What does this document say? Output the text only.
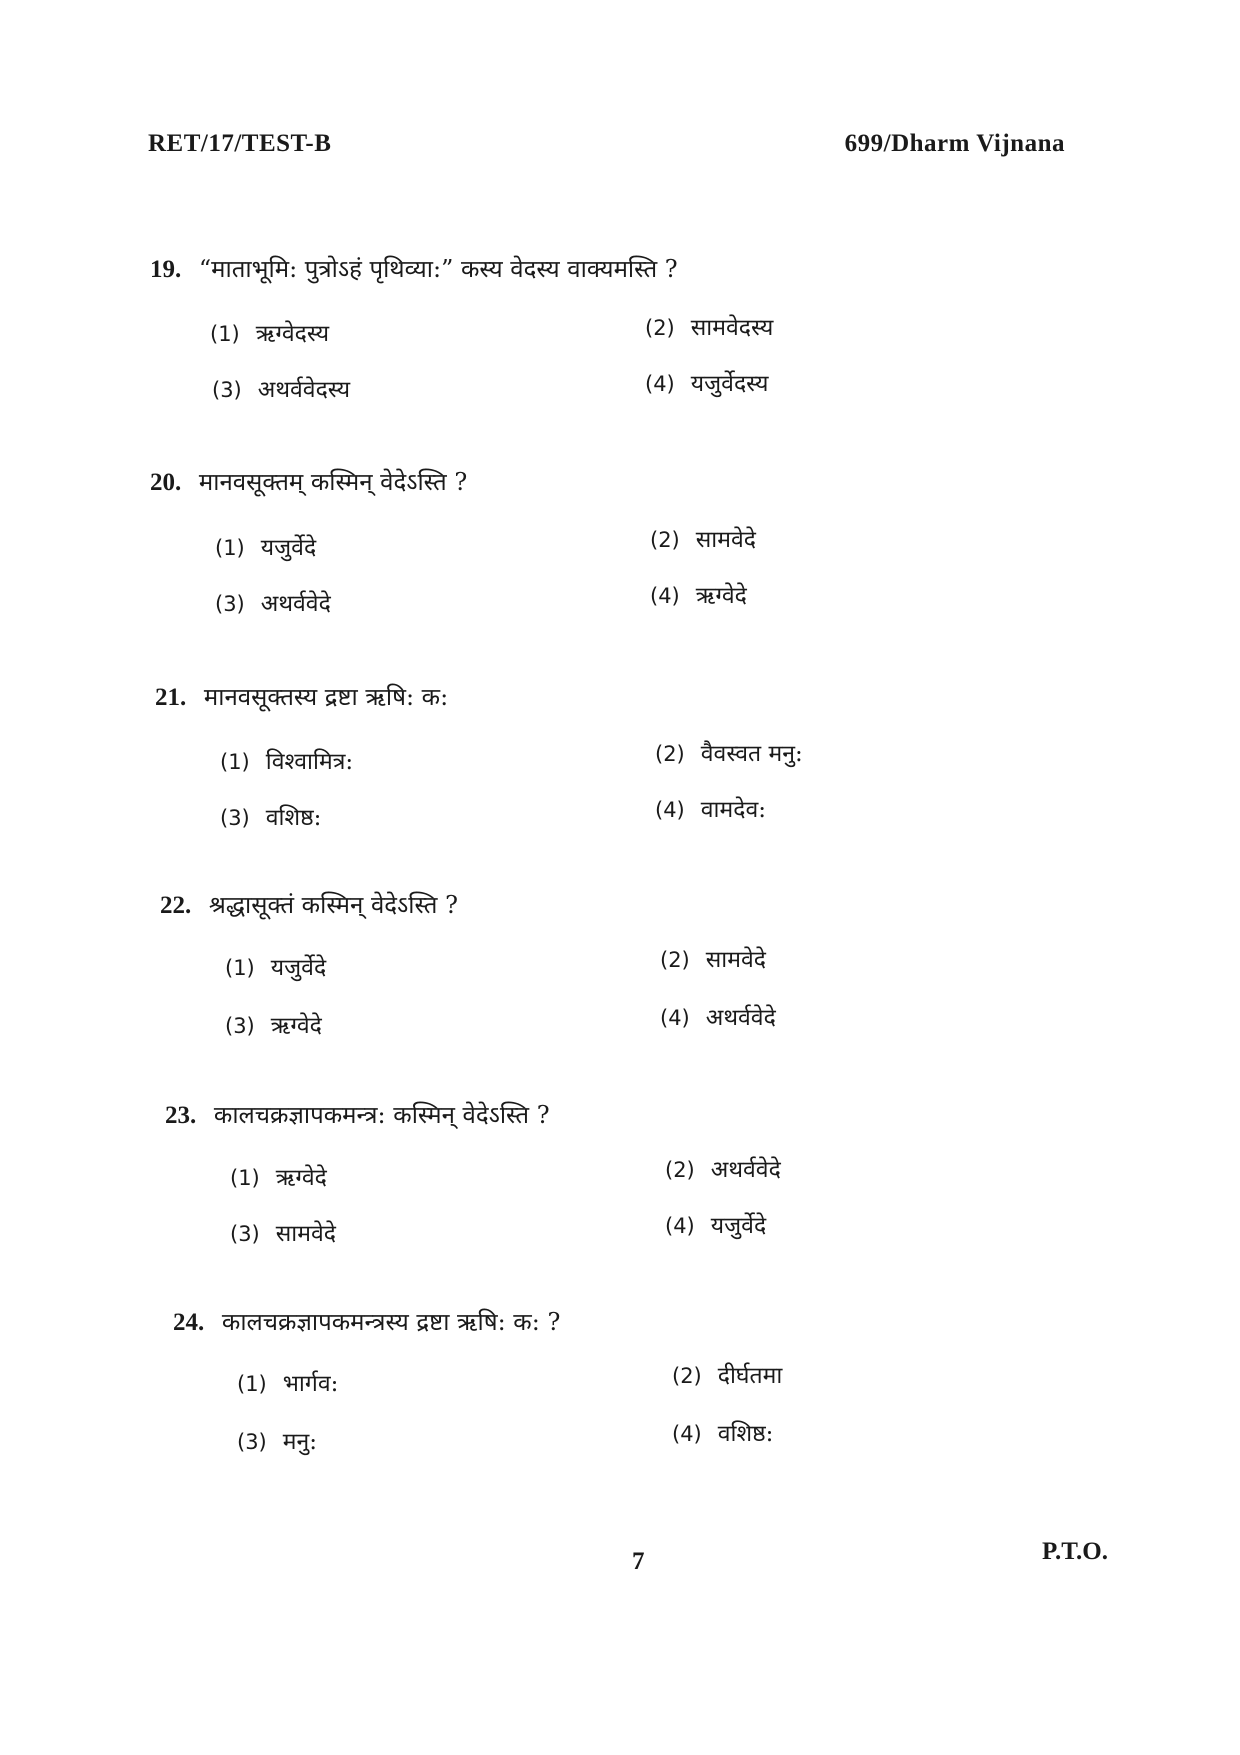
RET/17/TEST-B	699/Dharm Vijnana
19. “माताभूमि: पुत्रोऽहं पृथिव्या:” कस्य वेदस्य वाक्यमस्ति ?
(1) ऋग्वेदस्य	(2) सामवेदस्य
(3) अथर्ववेदस्य	(4) यजुर्वेदस्य
20. मानवसूक्तम् कस्मिन् वेदेऽस्ति ?
(1) यजुर्वेदे	(2) सामवेदे
(3) अथर्ववेदे	(4) ऋग्वेदे
21. मानवसूक्तस्य द्रष्टा ऋषि: क:
(1) विश्वामित्र:	(2) वैवस्वत मनु:
(3) वशिष्ठ:	(4) वामदेव:
22. श्रद्धासूक्तं कस्मिन् वेदेऽस्ति ?
(1) यजुर्वेदे	(2) सामवेदे
(3) ऋग्वेदे	(4) अथर्ववेदे
23. कालचक्रज्ञापकमन्त्र: कस्मिन् वेदेऽस्ति ?
(1) ऋग्वेदे	(2) अथर्ववेदे
(3) सामवेदे	(4) यजुर्वेदे
24. कालचक्रज्ञापकमन्त्रस्य द्रष्टा ऋषि: क: ?
(1) भार्गव:	(2) दीर्घतमा
(3) मनु:	(4) वशिष्ठ:
7	P.T.O.
